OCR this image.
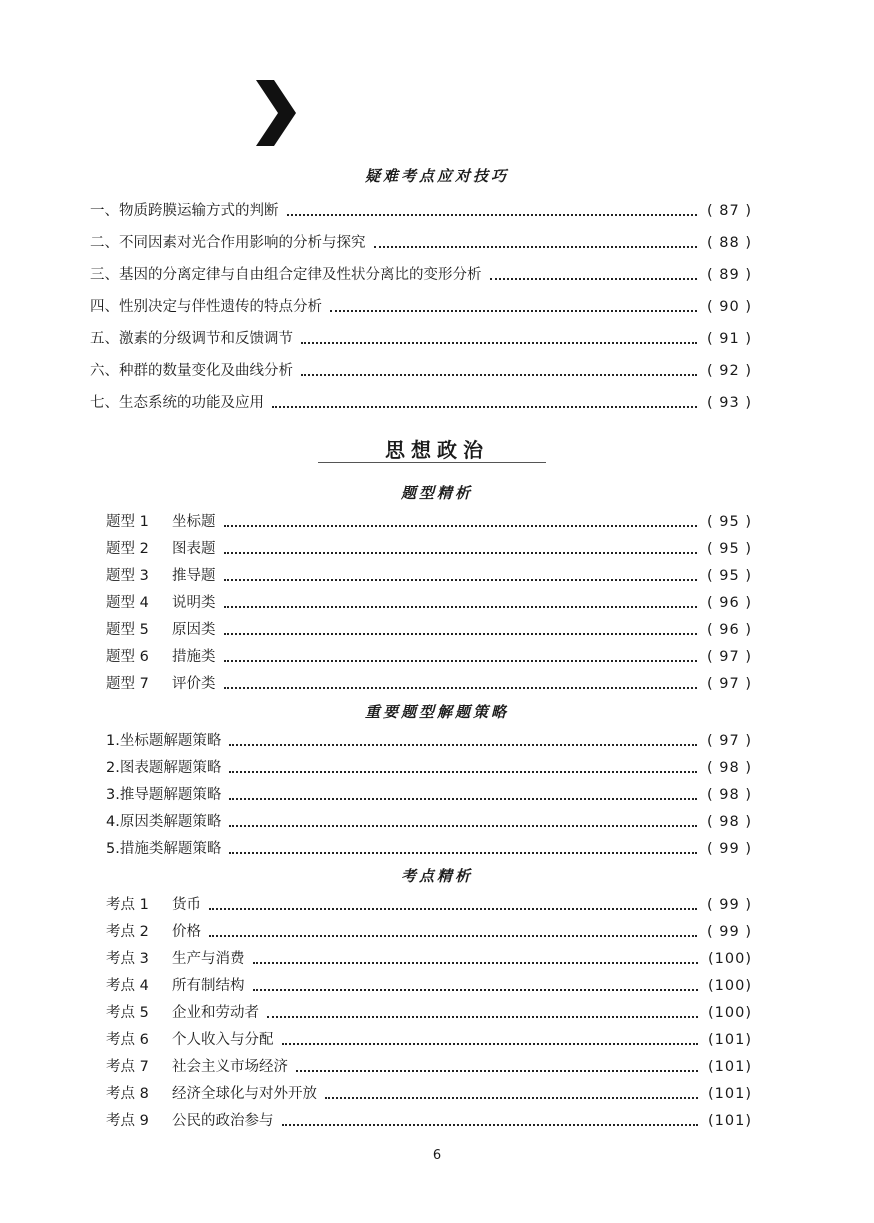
疑难考点应对技巧
一、物质跨膜运输方式的判断	( 87 )
二、不同因素对光合作用影响的分析与探究	( 88 )
三、基因的分离定律与自由组合定律及性状分离比的变形分析	( 89 )
四、性别决定与伴性遗传的特点分析	( 90 )
五、激素的分级调节和反馈调节	( 91 )
六、种群的数量变化及曲线分析	( 92 )
七、生态系统的功能及应用	( 93 )
思想政治
题型精析
题型 1 坐标题	( 95 )
题型 2 图表题	( 95 )
题型 3 推导题	( 95 )
题型 4 说明类	( 96 )
题型 5 原因类	( 96 )
题型 6 措施类	( 97 )
题型 7 评价类	( 97 )
重要题型解题策略
1.坐标题解题策略	( 97 )
2.图表题解题策略	( 98 )
3.推导题解题策略	( 98 )
4.原因类解题策略	( 98 )
5.措施类解题策略	( 99 )
考点精析
考点 1 货币	( 99 )
考点 2 价格	( 99 )
考点 3 生产与消费	(100)
考点 4 所有制结构	(100)
考点 5 企业和劳动者	(100)
考点 6 个人收入与分配	(101)
考点 7 社会主义市场经济	(101)
考点 8 经济全球化与对外开放	(101)
考点 9 公民的政治参与	(101)
6
